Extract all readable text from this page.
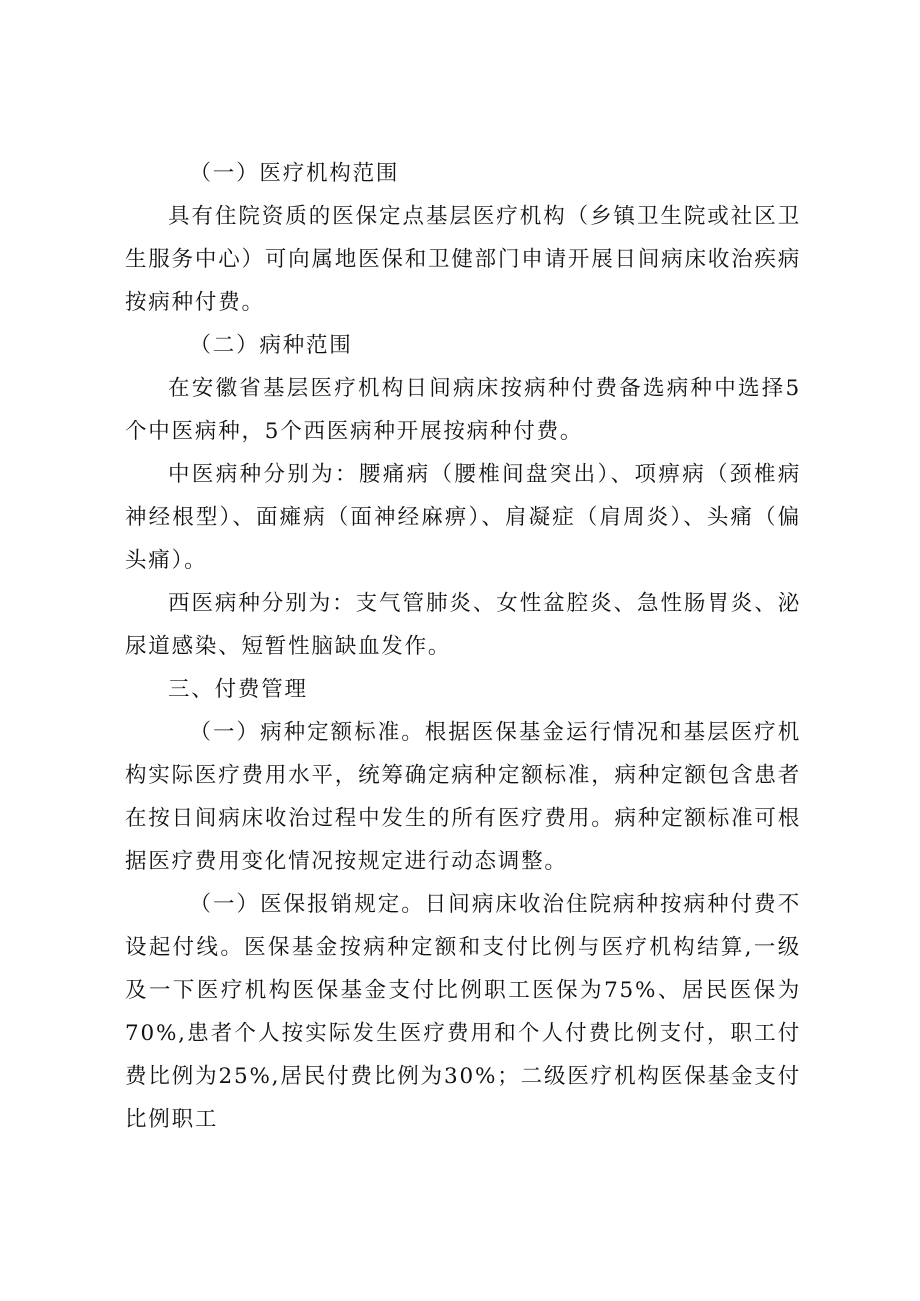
（一）医疗机构范围

具有住院资质的医保定点基层医疗机构（乡镇卫生院或社区卫生服务中心）可向属地医保和卫健部门申请开展日间病床收治疾病按病种付费。

（二）病种范围

在安徽省基层医疗机构日间病床按病种付费备选病种中选择5个中医病种，5个西医病种开展按病种付费。

中医病种分别为：腰痛病（腰椎间盘突出）、项痹病（颈椎病神经根型）、面瘫病（面神经麻痹）、肩凝症（肩周炎）、头痛（偏头痛）。

西医病种分别为：支气管肺炎、女性盆腔炎、急性肠胃炎、泌尿道感染、短暂性脑缺血发作。

三、付费管理

（一）病种定额标准。根据医保基金运行情况和基层医疗机构实际医疗费用水平，统筹确定病种定额标准，病种定额包含患者在按日间病床收治过程中发生的所有医疗费用。病种定额标准可根据医疗费用变化情况按规定进行动态调整。

（一）医保报销规定。日间病床收治住院病种按病种付费不设起付线。医保基金按病种定额和支付比例与医疗机构结算,一级及一下医疗机构医保基金支付比例职工医保为75%、居民医保为70%,患者个人按实际发生医疗费用和个人付费比例支付，职工付费比例为25%,居民付费比例为30%；二级医疗机构医保基金支付比例职工
